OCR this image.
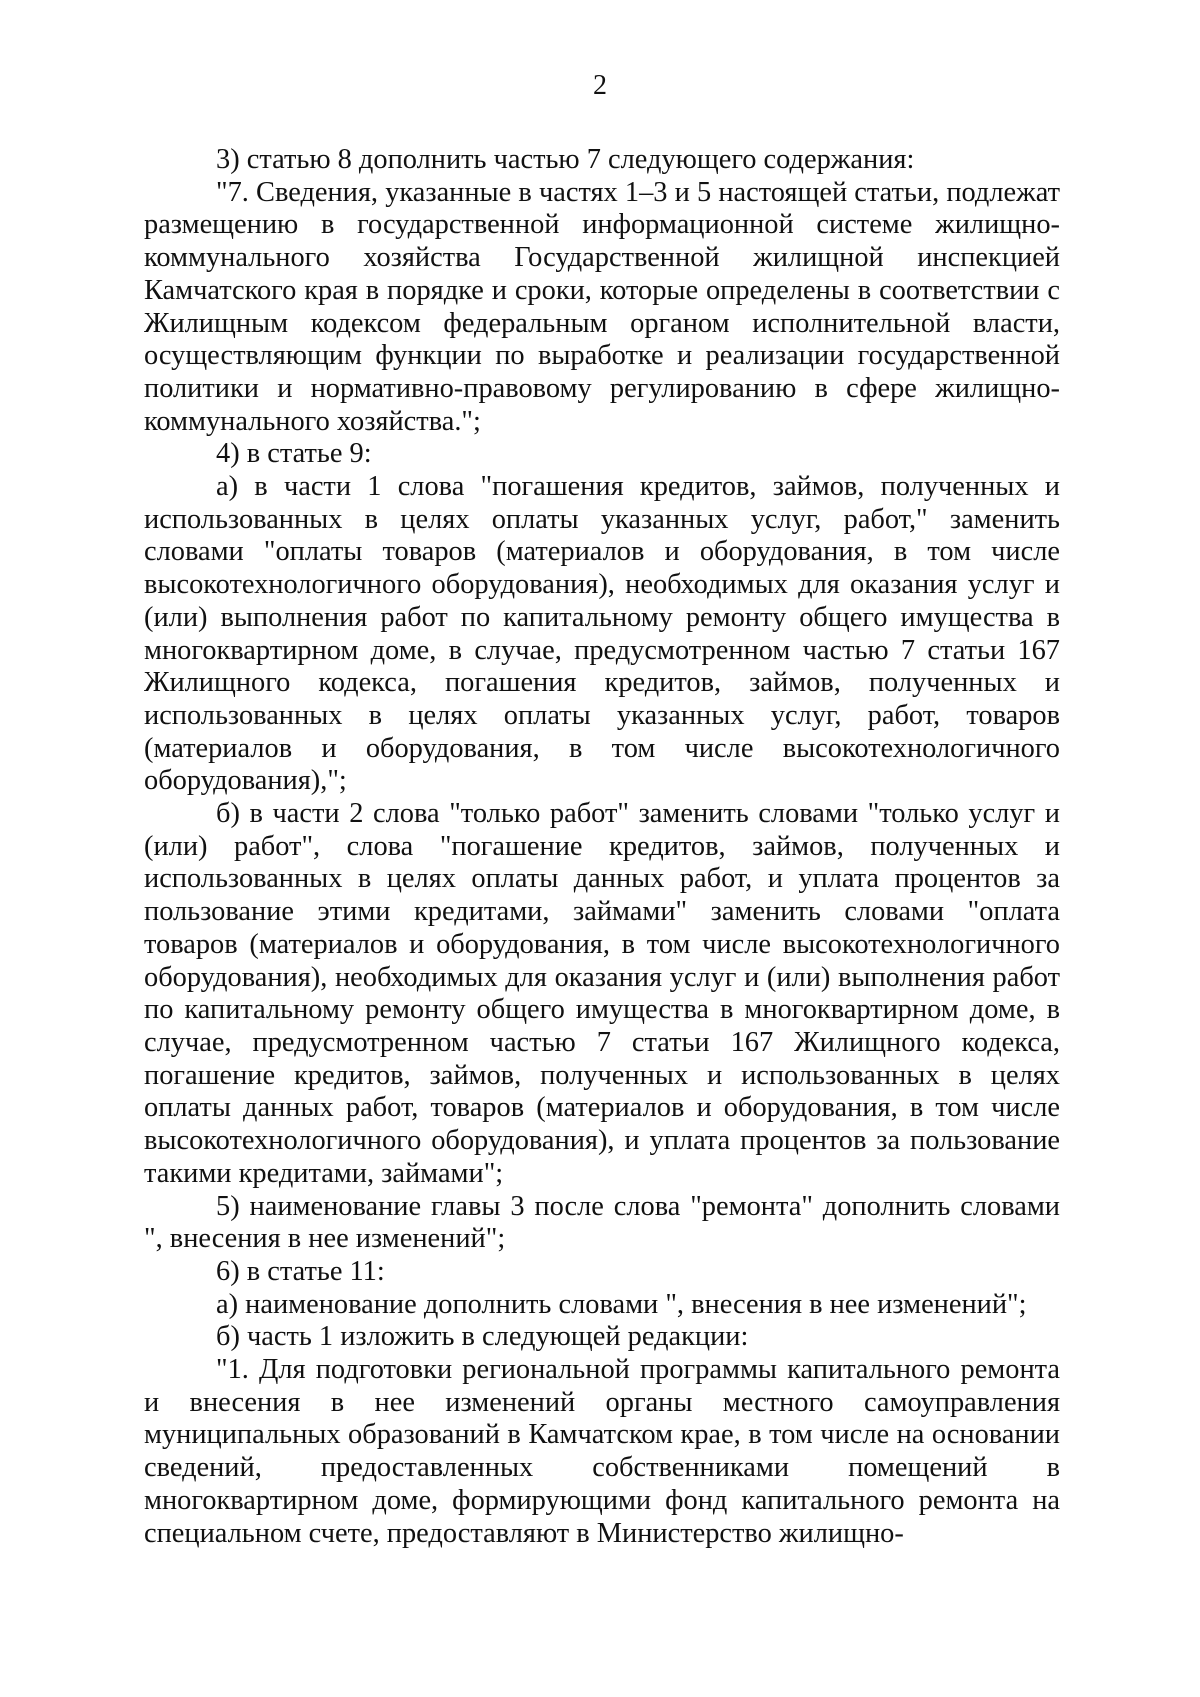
2

3) статью 8 дополнить частью 7 следующего содержания:

"7. Сведения, указанные в частях 1–3 и 5 настоящей статьи, подлежат размещению в государственной информационной системе жилищно-коммунального хозяйства Государственной жилищной инспекцией Камчатского края в порядке и сроки, которые определены в соответствии с Жилищным кодексом федеральным органом исполнительной власти, осуществляющим функции по выработке и реализации государственной политики и нормативно-правовому регулированию в сфере жилищно-коммунального хозяйства.";

4) в статье 9:

а) в части 1 слова "погашения кредитов, займов, полученных и использованных в целях оплаты указанных услуг, работ," заменить словами "оплаты товаров (материалов и оборудования, в том числе высокотехнологичного оборудования), необходимых для оказания услуг и (или) выполнения работ по капитальному ремонту общего имущества в многоквартирном доме, в случае, предусмотренном частью 7 статьи 167 Жилищного кодекса, погашения кредитов, займов, полученных и использованных в целях оплаты указанных услуг, работ, товаров (материалов и оборудования, в том числе высокотехнологичного оборудования),";

б) в части 2 слова "только работ" заменить словами "только услуг и (или) работ", слова "погашение кредитов, займов, полученных и использованных в целях оплаты данных работ, и уплата процентов за пользование этими кредитами, займами" заменить словами "оплата товаров (материалов и оборудования, в том числе высокотехнологичного оборудования), необходимых для оказания услуг и (или) выполнения работ по капитальному ремонту общего имущества в многоквартирном доме, в случае, предусмотренном частью 7 статьи 167 Жилищного кодекса, погашение кредитов, займов, полученных и использованных в целях оплаты данных работ, товаров (материалов и оборудования, в том числе высокотехнологичного оборудования), и уплата процентов за пользование такими кредитами, займами";

5) наименование главы 3 после слова "ремонта" дополнить словами ", внесения в нее изменений";

6) в статье 11:

а) наименование дополнить словами ", внесения в нее изменений";

б) часть 1 изложить в следующей редакции:

"1. Для подготовки региональной программы капитального ремонта и внесения в нее изменений органы местного самоуправления муниципальных образований в Камчатском крае, в том числе на основании сведений, предоставленных собственниками помещений в многоквартирном доме, формирующими фонд капитального ремонта на специальном счете, предоставляют в Министерство жилищно-
